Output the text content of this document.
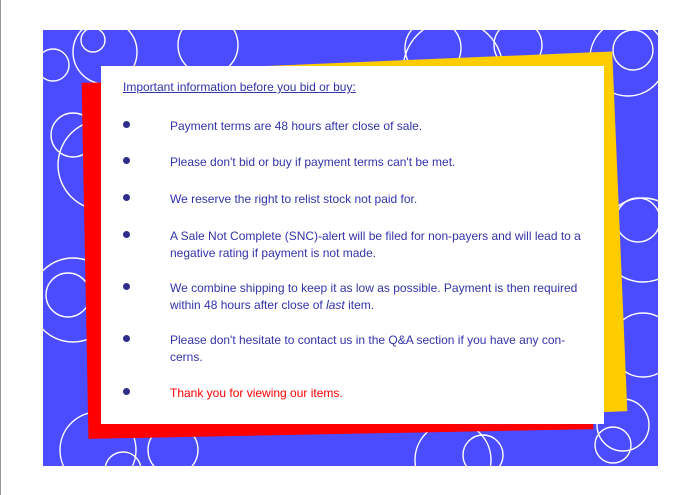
Important information before you bid or buy:
Payment terms are 48 hours after close of sale.
Please don't bid or buy if payment terms can't be met.
We reserve the right to relist stock not paid for.
A Sale Not Complete (SNC)-alert will be filed for non-payers and will lead to a negative rating if payment is not made.
We combine shipping to keep it as low as possible. Payment is then required within 48 hours after close of last item.
Please don't hesitate to contact us in the Q&A section if you have any con-cerns.
Thank you for viewing our items.
